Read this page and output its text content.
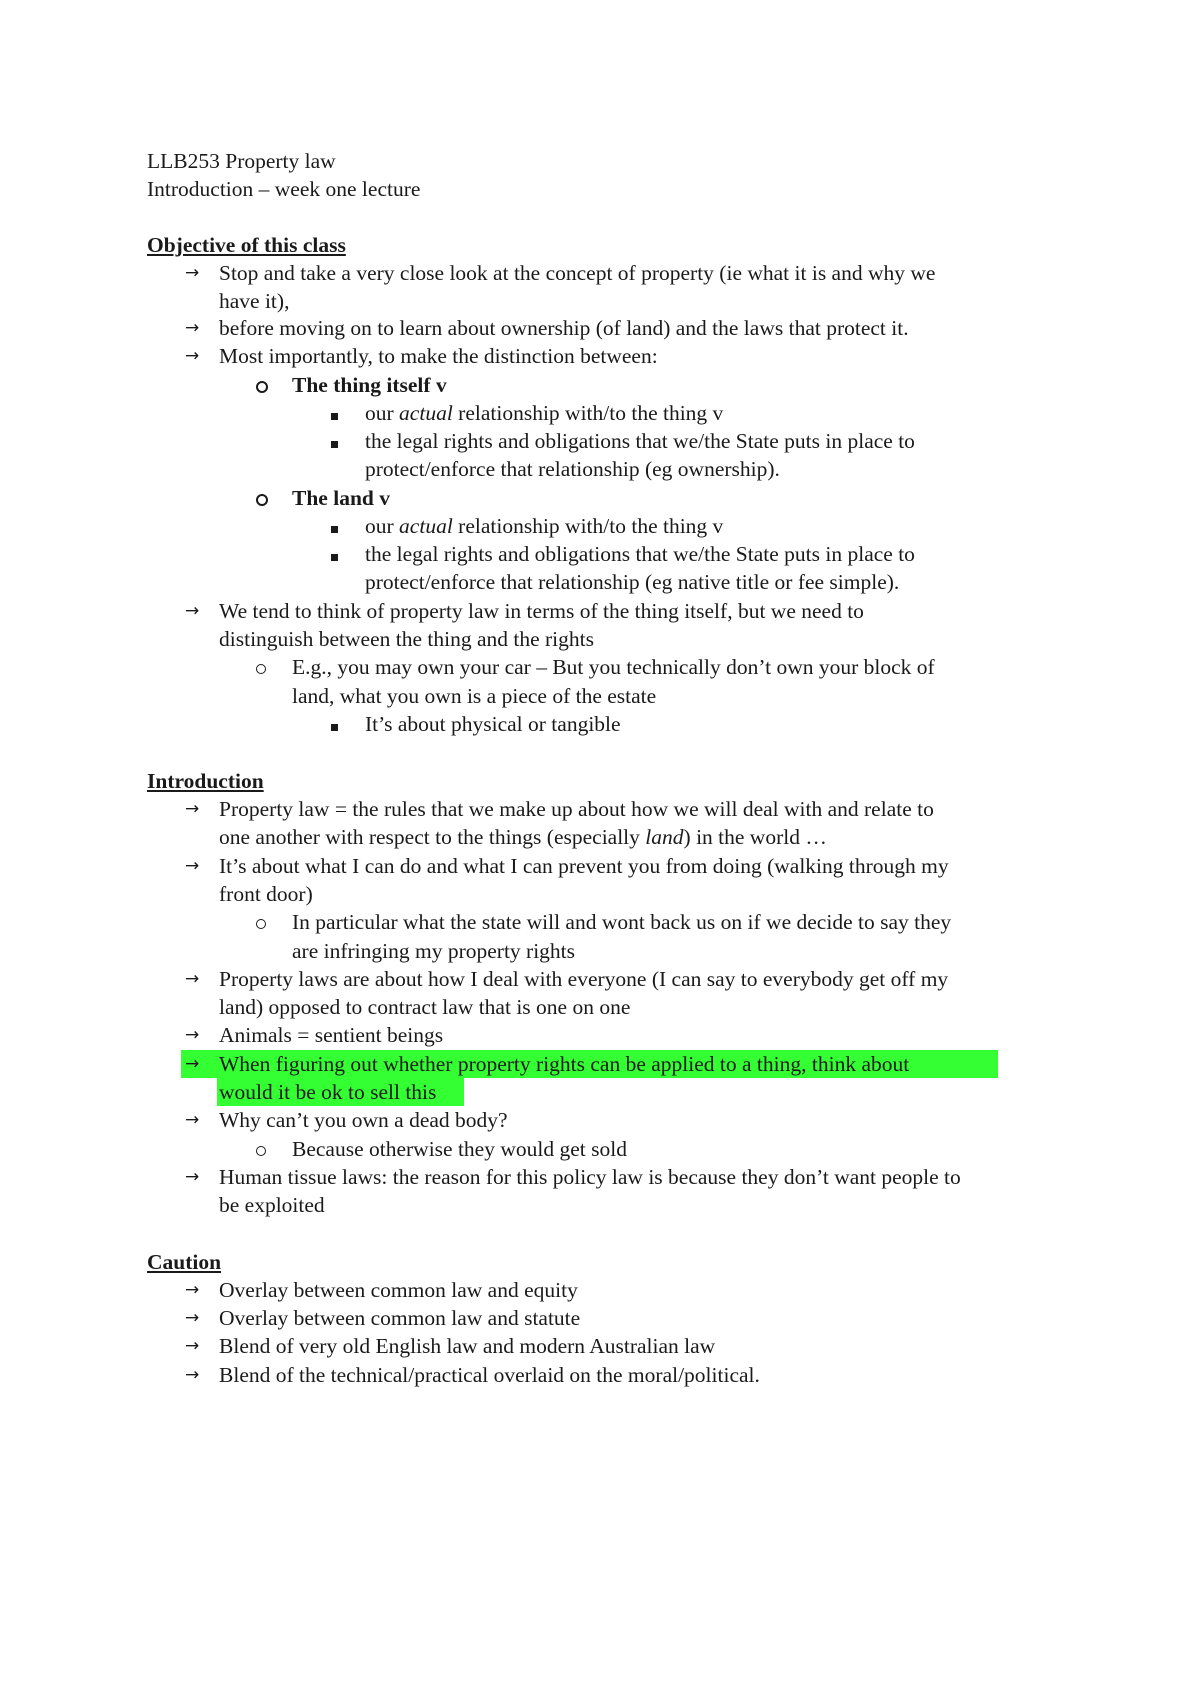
LLB253 Property law
Introduction – week one lecture
Objective of this class
→ Stop and take a very close look at the concept of property (ie what it is and why we
have it),
→ before moving on to learn about ownership (of land) and the laws that protect it.
→ Most importantly, to make the distinction between:
The thing itself v
our actual relationship with/to the thing v
the legal rights and obligations that we/the State puts in place to
protect/enforce that relationship (eg ownership).
The land v
our actual relationship with/to the thing v
the legal rights and obligations that we/the State puts in place to
protect/enforce that relationship (eg native title or fee simple).
→ We tend to think of property law in terms of the thing itself, but we need to
distinguish between the thing and the rights
E.g., you may own your car – But you technically don’t own your block of
land, what you own is a piece of the estate
It’s about physical or tangible
Introduction
→ Property law = the rules that we make up about how we will deal with and relate to
one another with respect to the things (especially land) in the world …
→ It’s about what I can do and what I can prevent you from doing (walking through my
front door)
In particular what the state will and wont back us on if we decide to say they
are infringing my property rights
→ Property laws are about how I deal with everyone (I can say to everybody get off my
land) opposed to contract law that is one on one
→ Animals = sentient beings
→ When figuring out whether property rights can be applied to a thing, think about
would it be ok to sell this
→ Why can’t you own a dead body?
Because otherwise they would get sold
→ Human tissue laws: the reason for this policy law is because they don’t want people to
be exploited
Caution
→ Overlay between common law and equity
→ Overlay between common law and statute
→ Blend of very old English law and modern Australian law
→ Blend of the technical/practical overlaid on the moral/political.
